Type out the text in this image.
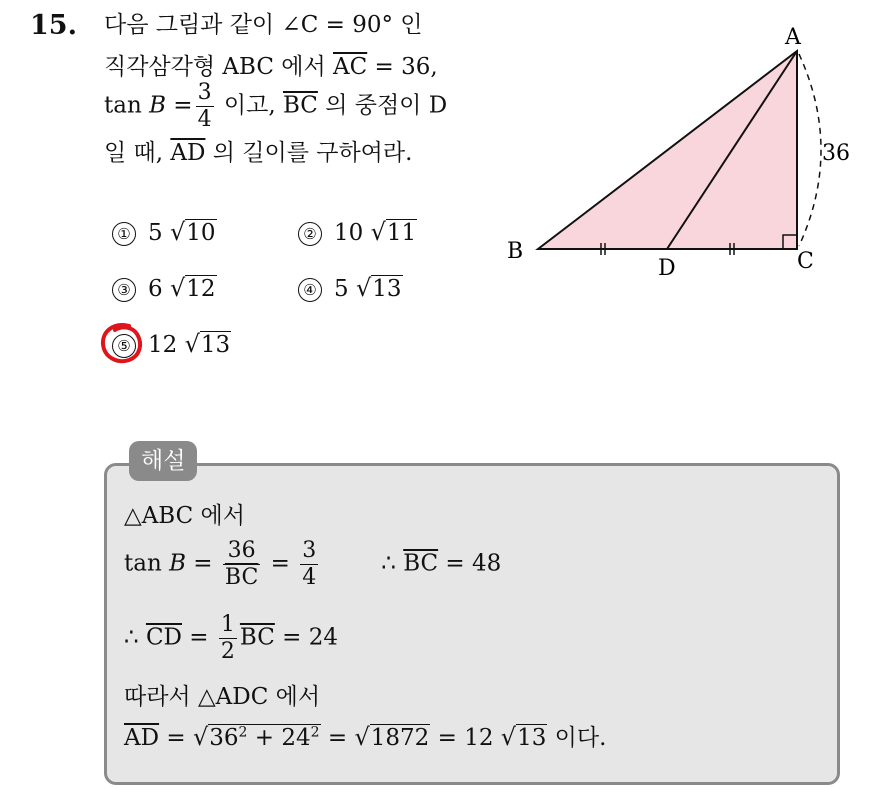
15. 다음 그림과 같이 ∠C = 90° 인
직각삼각형 ABC 에서 $\overline{AC} = 36$,
$\tan B = \frac{3}{4}$ 이고, $\overline{BC}$ 의 중점이 D
일 때, $\overline{AD}$ 의 길이를 구하여라.
① 5 √10	② 10 √11
③ 6 √12	④ 5 √13
⑤ 12 √13
A
B	C
D
36
해설
△ABC 에서
$\tan B = \frac{36}{BC} = \frac{3}{4}$	∴ $\overline{BC} = 48$
∴ $\overline{CD} = \frac{1}{2} \overline{BC} = 24$
따라서 △ADC 에서
$\overline{AD} = √36^2 + 24^2 = √1872 = 12$ √13 이다.
